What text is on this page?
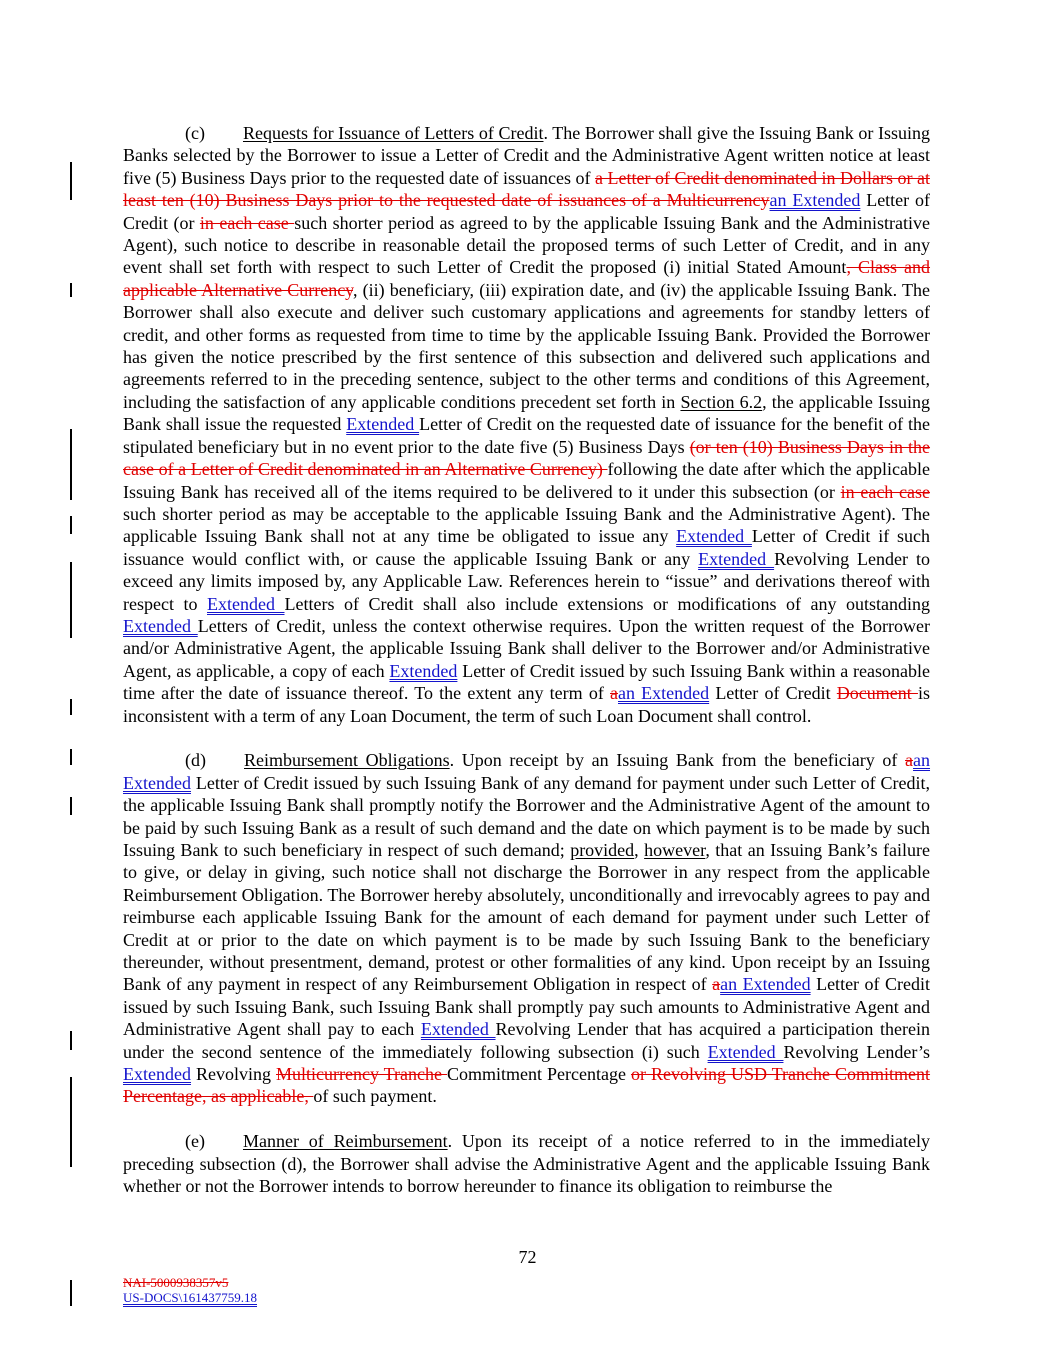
(c) Requests for Issuance of Letters of Credit. The Borrower shall give the Issuing Bank or Issuing Banks selected by the Borrower to issue a Letter of Credit and the Administrative Agent written notice at least five (5) Business Days prior to the requested date of issuances of a Letter of Credit denominated in Dollars or at least ten (10) Business Days prior to the requested date of issuances of a Multicurrencyan Extended Letter of Credit (or in each case such shorter period as agreed to by the applicable Issuing Bank and the Administrative Agent), such notice to describe in reasonable detail the proposed terms of such Letter of Credit, and in any event shall set forth with respect to such Letter of Credit the proposed (i) initial Stated Amount, Class and applicable Alternative Currency, (ii) beneficiary, (iii) expiration date, and (iv) the applicable Issuing Bank. The Borrower shall also execute and deliver such customary applications and agreements for standby letters of credit, and other forms as requested from time to time by the applicable Issuing Bank. Provided the Borrower has given the notice prescribed by the first sentence of this subsection and delivered such applications and agreements referred to in the preceding sentence, subject to the other terms and conditions of this Agreement, including the satisfaction of any applicable conditions precedent set forth in Section 6.2, the applicable Issuing Bank shall issue the requested Extended Letter of Credit on the requested date of issuance for the benefit of the stipulated beneficiary but in no event prior to the date five (5) Business Days (or ten (10) Business Days in the case of a Letter of Credit denominated in an Alternative Currency) following the date after which the applicable Issuing Bank has received all of the items required to be delivered to it under this subsection (or in each case such shorter period as may be acceptable to the applicable Issuing Bank and the Administrative Agent). The applicable Issuing Bank shall not at any time be obligated to issue any Extended Letter of Credit if such issuance would conflict with, or cause the applicable Issuing Bank or any Extended Revolving Lender to exceed any limits imposed by, any Applicable Law. References herein to “issue” and derivations thereof with respect to Extended Letters of Credit shall also include extensions or modifications of any outstanding Extended Letters of Credit, unless the context otherwise requires. Upon the written request of the Borrower and/or Administrative Agent, the applicable Issuing Bank shall deliver to the Borrower and/or Administrative Agent, as applicable, a copy of each Extended Letter of Credit issued by such Issuing Bank within a reasonable time after the date of issuance thereof. To the extent any term of aan Extended Letter of Credit Document is inconsistent with a term of any Loan Document, the term of such Loan Document shall control.

(d) Reimbursement Obligations. Upon receipt by an Issuing Bank from the beneficiary of aan Extended Letter of Credit issued by such Issuing Bank of any demand for payment under such Letter of Credit, the applicable Issuing Bank shall promptly notify the Borrower and the Administrative Agent of the amount to be paid by such Issuing Bank as a result of such demand and the date on which payment is to be made by such Issuing Bank to such beneficiary in respect of such demand; provided, however, that an Issuing Bank’s failure to give, or delay in giving, such notice shall not discharge the Borrower in any respect from the applicable Reimbursement Obligation. The Borrower hereby absolutely, unconditionally and irrevocably agrees to pay and reimburse each applicable Issuing Bank for the amount of each demand for payment under such Letter of Credit at or prior to the date on which payment is to be made by such Issuing Bank to the beneficiary thereunder, without presentment, demand, protest or other formalities of any kind. Upon receipt by an Issuing Bank of any payment in respect of any Reimbursement Obligation in respect of aan Extended Letter of Credit issued by such Issuing Bank, such Issuing Bank shall promptly pay such amounts to Administrative Agent and Administrative Agent shall pay to each Extended Revolving Lender that has acquired a participation therein under the second sentence of the immediately following subsection (i) such Extended Revolving Lender’s Extended Revolving Multicurrency Tranche Commitment Percentage or Revolving USD Tranche Commitment Percentage, as applicable, of such payment.

(e) Manner of Reimbursement. Upon its receipt of a notice referred to in the immediately preceding subsection (d), the Borrower shall advise the Administrative Agent and the applicable Issuing Bank whether or not the Borrower intends to borrow hereunder to finance its obligation to reimburse the

72
NAI-5000938357v5
US-DOCS\161437759.18
